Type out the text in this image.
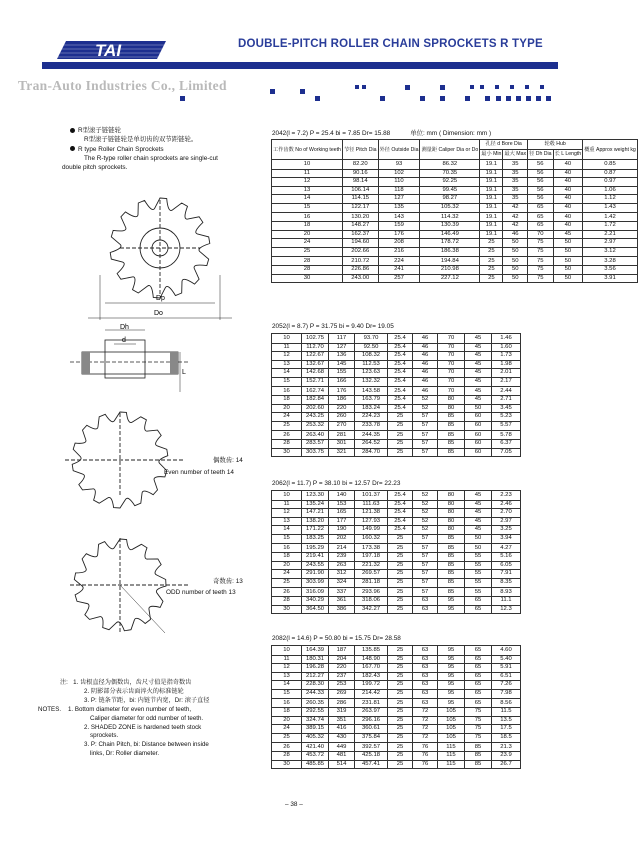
DOUBLE-PITCH ROLLER CHAIN SPROCKETS R TYPE
TAI
Tran-Auto Industries Co., Limited
R型滚子链链轮
R型滚子链链轮是单切齿的双节距链轮。
R type Roller Chain Sprockets
The R-type roller chain sprockets are single-cut
double pitch sprockets.
Dp
Do
Dh
d
L
偶数齿: 14
Even number of teeth 14
奇数齿: 13
ODD number of teeth 13
2042(l = 7.2) P = 25.4 bi = 7.85 Dr= 15.88	单位: mm ( Dimension: mm )
工作齿数 No of Working teeth	节径 Pitch Dia	外径 Outside Dia	测量距 Caliper Dia or Do	孔径 d Bore Dia		轮毂 Hub		概重 Approx weight kg
				最小 Min	最大 Max	径 Dh Dia	长 L Length	
10	82.20	93	86.32	19.1	35	56	40	0.85
11	90.16	102	70.35	19.1	35	56	40	0.87
12	98.14	110	92.25	19.1	35	56	40	0.97
13	106.14	118	99.45	19.1	35	56	40	1.06
14	114.15	127	98.27	19.1	35	56	40	1.12
15	122.17	135	105.32	19.1	42	65	40	1.43
16	130.20	143	114.32	19.1	42	65	40	1.42
18	148.27	159	130.39	19.1	42	65	40	1.72
20	162.37	176	146.49	19.1	46	70	45	2.21
24	194.60	208	178.72	25	50	75	50	2.97
25	202.66	216	186.38	25	50	75	50	3.12
28	210.72	224	194.84	25	50	75	50	3.28
28	226.86	241	210.98	25	50	75	50	3.56
30	243.00	257	227.12	25	50	75	50	3.91
2052(l = 8.7) P = 31.75 bi = 9.40 Dr= 19.05
10	102.75	117	93.70	25.4	46	70	45	1.46
11	112.70	127	92.50	25.4	46	70	45	1.60
12	122.67	136	108.32	25.4	46	70	45	1.73
13	132.67	145	112.53	25.4	46	70	45	1.98
14	142.68	155	123.63	25.4	46	70	45	2.01
15	152.71	166	132.32	25.4	46	70	45	2.17
16	162.74	176	143.58	25.4	46	70	45	2.44
18	182.84	186	163.79	25.4	52	80	45	2.71
20	202.60	220	183.24	25.4	52	80	50	3.45
24	243.25	260	224.23	25	57	85	60	5.23
25	253.32	270	233.78	25	57	85	60	5.57
26	263.40	281	244.35	25	57	85	60	5.78
28	283.57	301	264.52	25	57	85	60	6.37
30	303.75	321	284.70	25	57	85	60	7.05
2062(l = 11.7) P = 38.10 bi = 12.57 Dr= 22.23
10	123.30	140	101.37	25.4	52	80	45	2.23
11	135.24	153	111.63	25.4	52	80	45	2.46
12	147.21	165	121.38	25.4	52	80	45	2.70
13	138.20	177	127.93	25.4	52	80	45	2.97
14	171.22	190	149.99	25.4	52	80	45	3.25
15	183.25	202	160.32	25	57	85	50	3.94
16	195.29	214	173.38	25	57	85	50	4.27
18	219.41	239	197.18	25	57	85	55	5.16
20	243.55	263	221.32	25	57	85	55	6.05
24	291.90	312	269.57	25	57	85	55	7.91
25	303.99	324	281.18	25	57	85	55	8.35
26	316.09	337	293.96	25	57	85	55	8.93
28	340.29	361	318.06	25	63	95	65	11.1
30	364.50	386	342.27	25	63	95	65	12.3
2082(l = 14.6) P = 50.80 bi = 15.75 Dr= 28.58
10	164.39	187	135.85	25	63	95	65	4.60
11	180.31	204	148.90	25	63	95	65	5.40
12	196.28	220	167.70	25	63	95	65	5.91
13	212.27	237	182.43	25	63	95	65	6.51
14	228.30	253	199.72	25	63	95	65	7.26
15	244.33	269	214.42	25	63	95	65	7.98
16	260.35	286	231.81	25	63	95	65	8.56
18	292.55	319	263.97	25	72	105	75	11.5
20	324.74	351	296.16	25	72	105	75	13.5
24	389.15	416	360.61	25	72	105	75	17.5
25	405.32	430	375.84	25	72	105	75	18.5
26	421.40	449	392.57	25	76	115	85	21.3
28	453.72	481	425.18	25	76	115	85	23.9
30	485.85	514	457.41	25	76	115	85	26.7
注: 1. 齿根直径为偶数齿，齿尺寸值是指奇数齿
2. 阴影部分表示齿面淬火的标准链轮
3. P: 链条节距，bi: 内链节内宽，Dr: 滚子直径
NOTES. 1. Bottom diameter for even number of teeth,
Caliper diameter for odd number of teeth.
2. SHADED ZONE is hardened teeth stock
sprockets.
3. P: Chain Pitch, bi: Distance between inside
links, Dr: Roller diameter.
– 38 –
